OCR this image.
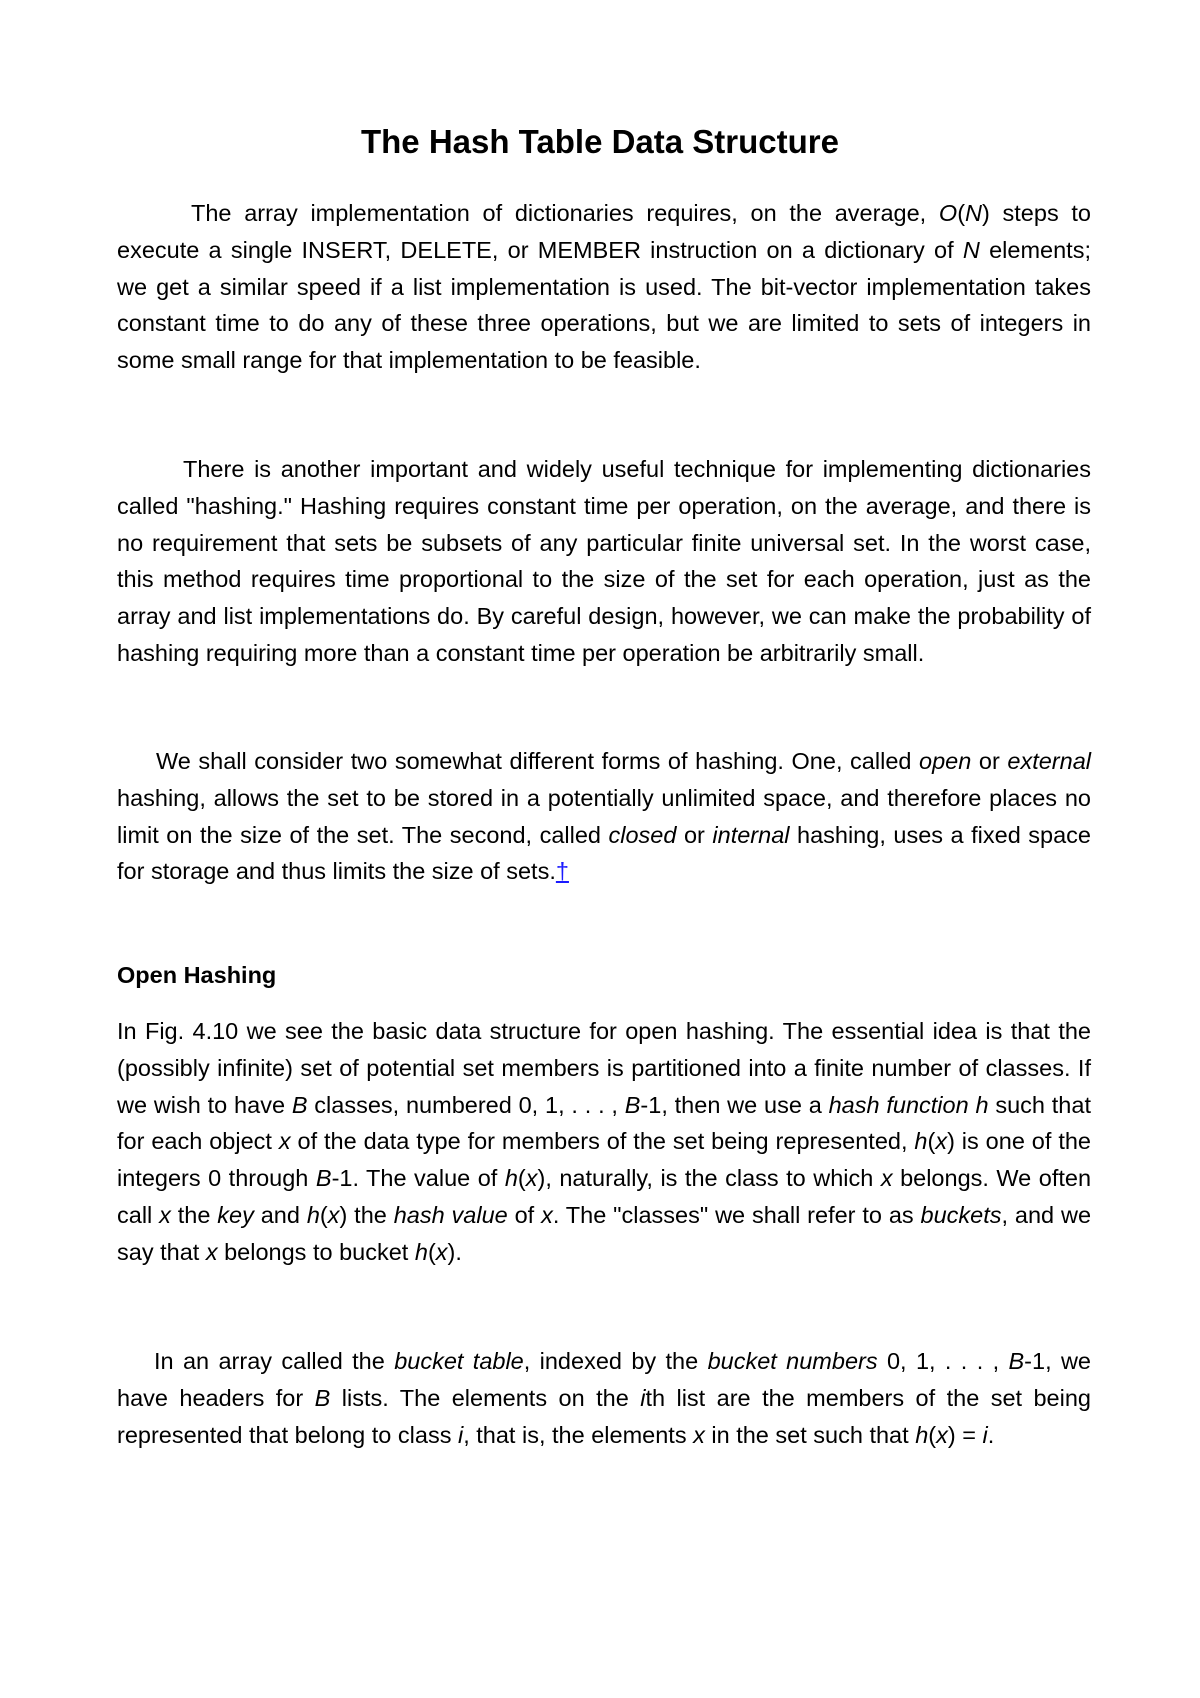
The Hash Table Data Structure

The array implementation of dictionaries requires, on the average, O(N) steps to execute a single INSERT, DELETE, or MEMBER instruction on a dictionary of N elements; we get a similar speed if a list implementation is used. The bit-vector implementation takes constant time to do any of these three operations, but we are limited to sets of integers in some small range for that implementation to be feasible.

There is another important and widely useful technique for implementing dictionaries called "hashing." Hashing requires constant time per operation, on the average, and there is no requirement that sets be subsets of any particular finite universal set. In the worst case, this method requires time proportional to the size of the set for each operation, just as the array and list implementations do. By careful design, however, we can make the probability of hashing requiring more than a constant time per operation be arbitrarily small.

We shall consider two somewhat different forms of hashing. One, called open or external hashing, allows the set to be stored in a potentially unlimited space, and therefore places no limit on the size of the set. The second, called closed or internal hashing, uses a fixed space for storage and thus limits the size of sets.†

Open Hashing

In Fig. 4.10 we see the basic data structure for open hashing. The essential idea is that the (possibly infinite) set of potential set members is partitioned into a finite number of classes. If we wish to have B classes, numbered 0, 1, . . . , B-1, then we use a hash function h such that for each object x of the data type for members of the set being represented, h(x) is one of the integers 0 through B-1. The value of h(x), naturally, is the class to which x belongs. We often call x the key and h(x) the hash value of x. The "classes" we shall refer to as buckets, and we say that x belongs to bucket h(x).

In an array called the bucket table, indexed by the bucket numbers 0, 1, . . . , B-1, we have headers for B lists. The elements on the ith list are the members of the set being represented that belong to class i, that is, the elements x in the set such that h(x) = i.
